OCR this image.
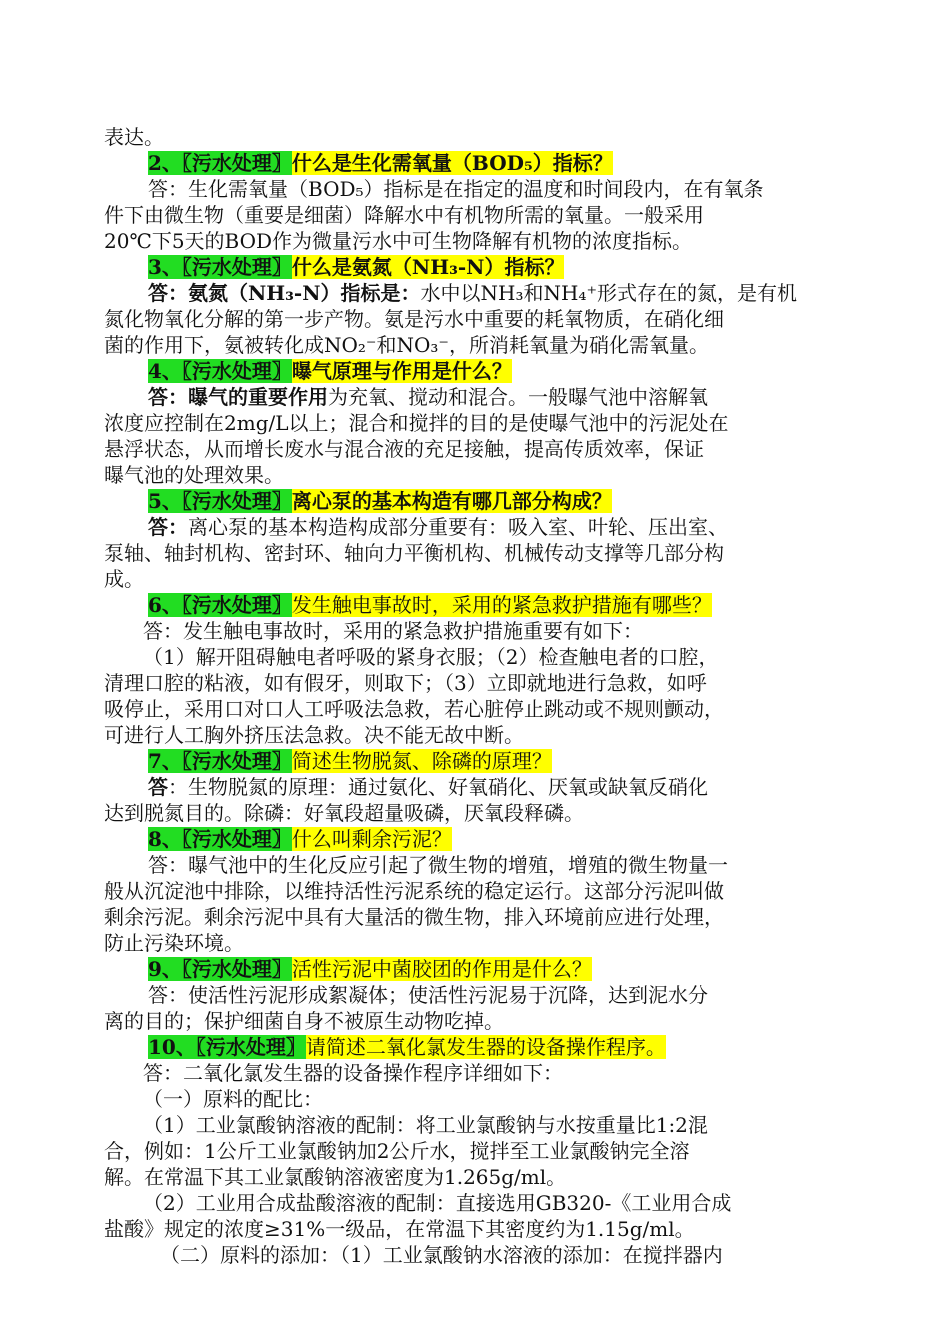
表达。
2、〖污水处理〗什么是生化需氧量（BOD₅）指标？
答：生化需氧量（BOD₅）指标是在指定的温度和时间段内，在有氧条
件下由微生物（重要是细菌）降解水中有机物所需的氧量。一般采用
20℃下5天的BOD作为微量污水中可生物降解有机物的浓度指标。
3、〖污水处理〗什么是氨氮（NH₃-N）指标？
答：氨氮（NH₃-N）指标是：水中以NH₃和NH₄⁺形式存在的氮，是有机
氮化物氧化分解的第一步产物。氨是污水中重要的耗氧物质，在硝化细
菌的作用下，氨被转化成NO₂⁻和NO₃⁻，所消耗氧量为硝化需氧量。
4、〖污水处理〗曝气原理与作用是什么？
答：曝气的重要作用为充氧、搅动和混合。一般曝气池中溶解氧
浓度应控制在2mg/L以上；混合和搅拌的目的是使曝气池中的污泥处在
悬浮状态，从而增长废水与混合液的充足接触，提高传质效率，保证
曝气池的处理效果。
5、〖污水处理〗离心泵的基本构造有哪几部分构成？
答：离心泵的基本构造构成部分重要有：吸入室、叶轮、压出室、
泵轴、轴封机构、密封环、轴向力平衡机构、机械传动支撑等几部分构
成。
6、〖污水处理〗发生触电事故时，采用的紧急救护措施有哪些？
答：发生触电事故时，采用的紧急救护措施重要有如下：
（1）解开阻碍触电者呼吸的紧身衣服；（2）检查触电者的口腔，
清理口腔的粘液，如有假牙，则取下；（3）立即就地进行急救，如呼
吸停止，采用口对口人工呼吸法急救，若心脏停止跳动或不规则颤动，
可进行人工胸外挤压法急救。决不能无故中断。
7、〖污水处理〗简述生物脱氮、除磷的原理？
答：生物脱氮的原理：通过氨化、好氧硝化、厌氧或缺氧反硝化
达到脱氮目的。除磷：好氧段超量吸磷，厌氧段释磷。
8、〖污水处理〗什么叫剩余污泥？
答：曝气池中的生化反应引起了微生物的增殖，增殖的微生物量一
般从沉淀池中排除，以维持活性污泥系统的稳定运行。这部分污泥叫做
剩余污泥。剩余污泥中具有大量活的微生物，排入环境前应进行处理，
防止污染环境。
9、〖污水处理〗活性污泥中菌胶团的作用是什么？
答：使活性污泥形成絮凝体；使活性污泥易于沉降，达到泥水分
离的目的；保护细菌自身不被原生动物吃掉。
10、〖污水处理〗请简述二氧化氯发生器的设备操作程序。
答：二氧化氯发生器的设备操作程序详细如下：
（一）原料的配比：
（1）工业氯酸钠溶液的配制：将工业氯酸钠与水按重量比1:2混
合，例如：1公斤工业氯酸钠加2公斤水，搅拌至工业氯酸钠完全溶
解。在常温下其工业氯酸钠溶液密度为1.265g/ml。
（2）工业用合成盐酸溶液的配制：直接选用GB320-《工业用合成
盐酸》规定的浓度≥31%一级品，在常温下其密度约为1.15g/ml。
（二）原料的添加：（1）工业氯酸钠水溶液的添加：在搅拌器内
